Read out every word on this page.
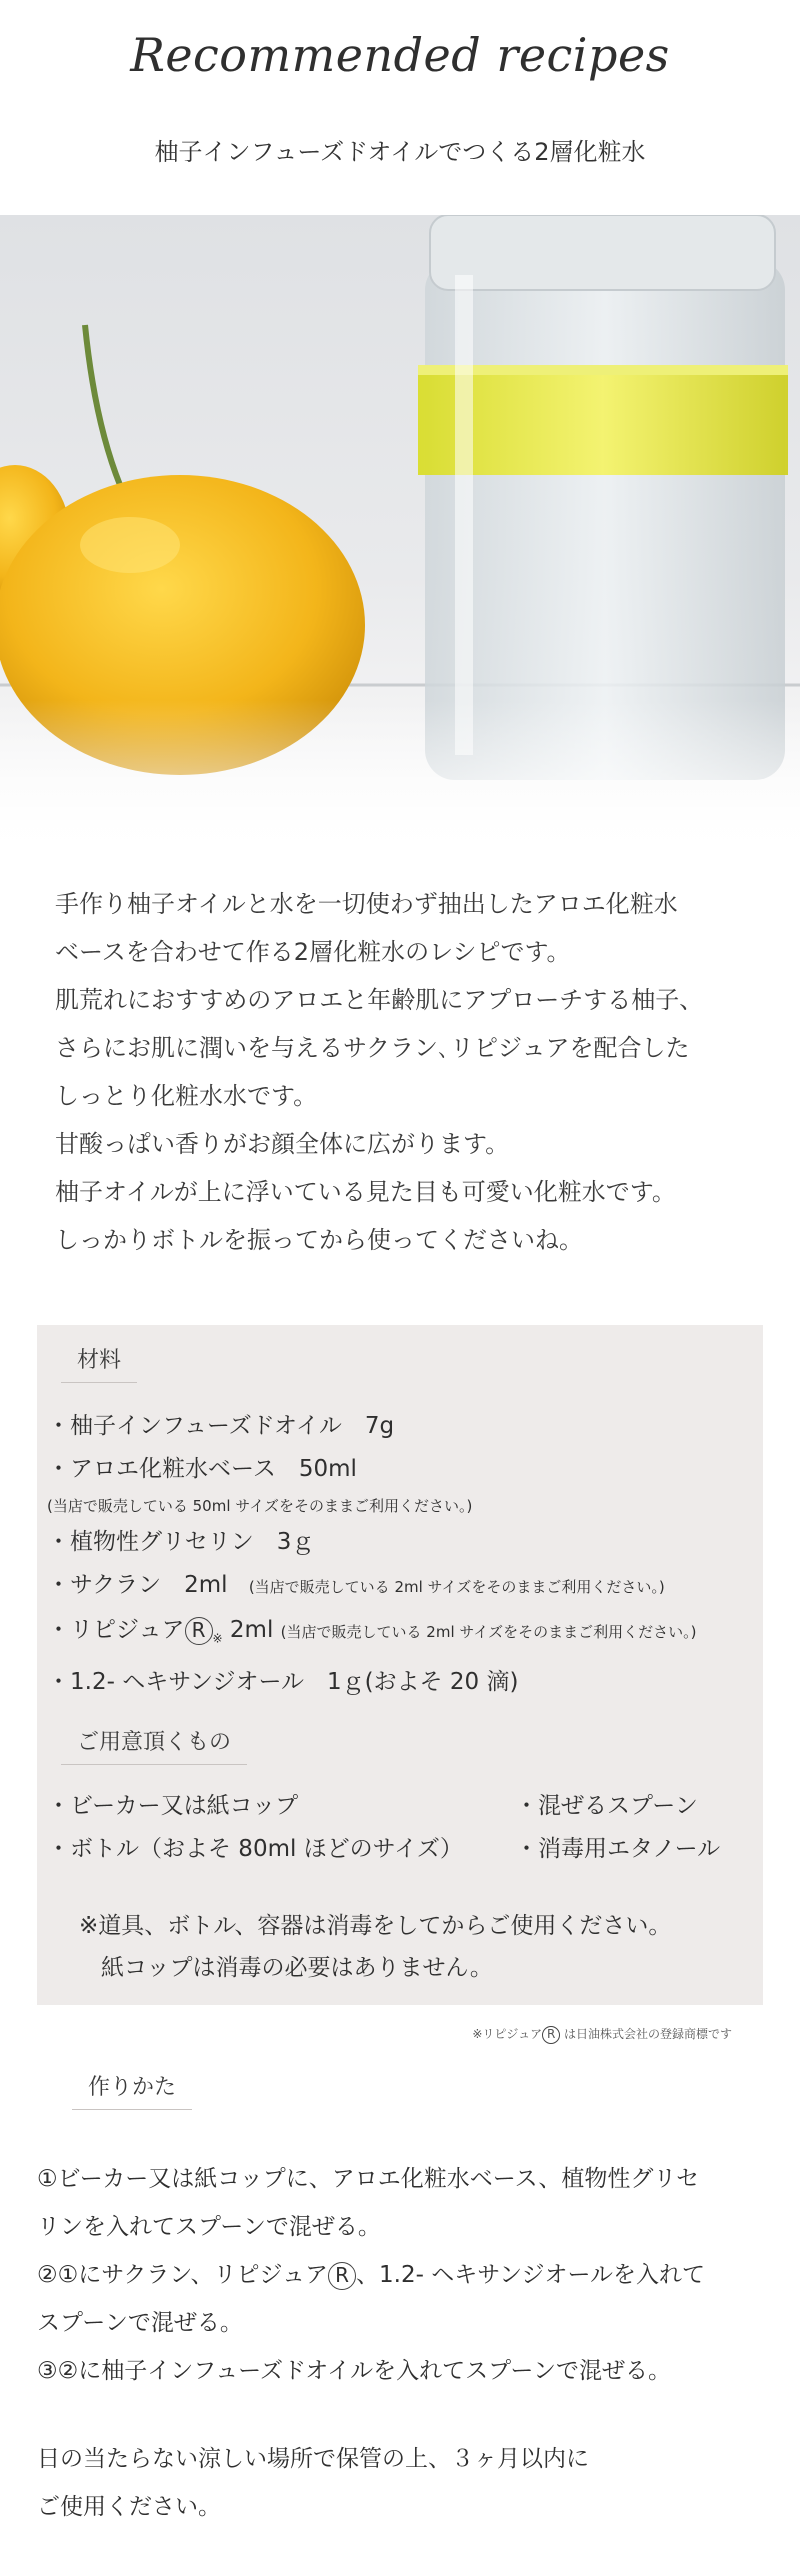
Recommended recipes
柚子インフューズドオイルでつくる2層化粧水

手作り柚子オイルと水を一切使わず抽出したアロエ化粧水

ベースを合わせて作る2層化粧水のレシピです。

肌荒れにおすすめのアロエと年齢肌にアプローチする柚子、

さらにお肌に潤いを与えるサクラン､リピジュアを配合した

しっとり化粧水水です。

甘酸っぱい香りがお顔全体に広がります。

柚子オイルが上に浮いている見た目も可愛い化粧水です。

しっかりボトルを振ってから使ってくださいね。

材料
・柚子インフューズドオイル　7g
・アロエ化粧水ベース　50ml
(当店で販売している 50ml サイズをそのままご利用ください。)
・植物性グリセリン　3ｇ
・サクラン　2ml (当店で販売している 2ml サイズをそのままご利用ください。)
・リピジュア R $_※$ 2ml (当店で販売している 2ml サイズをそのままご利用ください。)
・1.2- ヘキサンジオール　1ｇ(およそ 20 滴)
ご用意頂くもの
・ビーカー又は紙コップ
・ボトル（およそ 80ml ほどのサイズ）
・混ぜるスプーン
・消毒用エタノール
※道具、ボトル、容器は消毒をしてからご使用ください。
紙コップは消毒の必要はありません。
※リピジュア R は日油株式会社の登録商標です
作りかた

①ビーカー又は紙コップに、アロエ化粧水ベース、植物性グリセ

リンを入れてスプーンで混ぜる。

②①にサクラン、リピジュア R 、1.2- ヘキサンジオールを入れて

スプーンで混ぜる。

③②に柚子インフューズドオイルを入れてスプーンで混ぜる。

日の当たらない涼しい場所で保管の上、３ヶ月以内に

ご使用ください。
